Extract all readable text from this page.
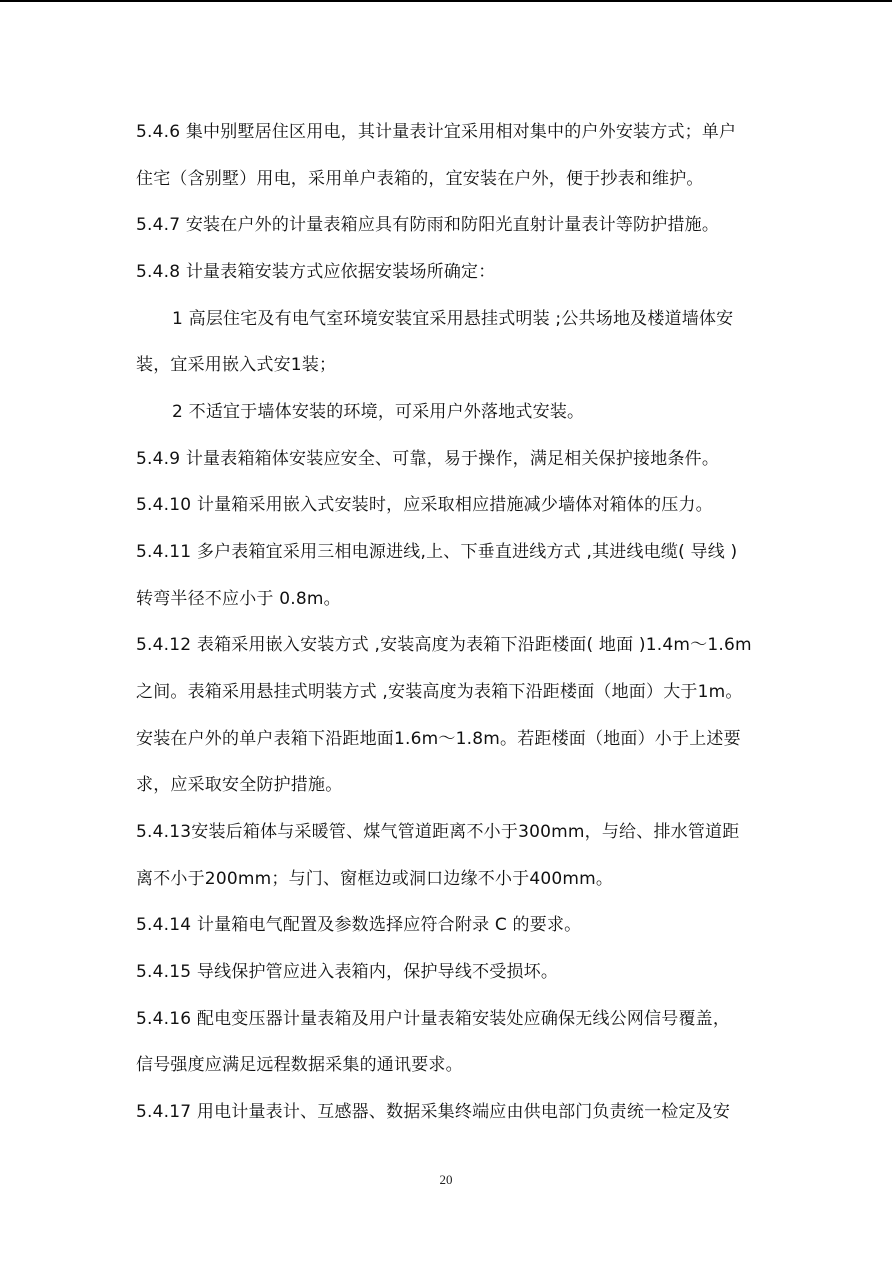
5.4.6 集中别墅居住区用电，其计量表计宜采用相对集中的户外安装方式；单户
住宅（含别墅）用电，采用单户表箱的，宜安装在户外，便于抄表和维护。
5.4.7 安装在户外的计量表箱应具有防雨和防阳光直射计量表计等防护措施。
5.4.8 计量表箱安装方式应依据安装场所确定：
1 高层住宅及有电气室环境安装宜采用悬挂式明装 ;公共场地及楼道墙体安
装，宜采用嵌入式安1装；
2 不适宜于墙体安装的环境，可采用户外落地式安装。
5.4.9 计量表箱箱体安装应安全、可靠，易于操作，满足相关保护接地条件。
5.4.10 计量箱采用嵌入式安装时，应采取相应措施减少墙体对箱体的压力。
5.4.11 多户表箱宜采用三相电源进线,上、下垂直进线方式 ,其进线电缆( 导线 )
转弯半径不应小于 0.8m。
5.4.12 表箱采用嵌入安装方式 ,安装高度为表箱下沿距楼面( 地面 )1.4m～1.6m
之间。表箱采用悬挂式明装方式 ,安装高度为表箱下沿距楼面（地面）大于1m。
安装在户外的单户表箱下沿距地面1.6m～1.8m。若距楼面（地面）小于上述要
求，应采取安全防护措施。
5.4.13安装后箱体与采暖管、煤气管道距离不小于300mm，与给、排水管道距
离不小于200mm；与门、窗框边或洞口边缘不小于400mm。
5.4.14 计量箱电气配置及参数选择应符合附录 C 的要求。
5.4.15 导线保护管应进入表箱内，保护导线不受损坏。
5.4.16 配电变压器计量表箱及用户计量表箱安装处应确保无线公网信号覆盖，
信号强度应满足远程数据采集的通讯要求。
5.4.17 用电计量表计、互感器、数据采集终端应由供电部门负责统一检定及安
20
